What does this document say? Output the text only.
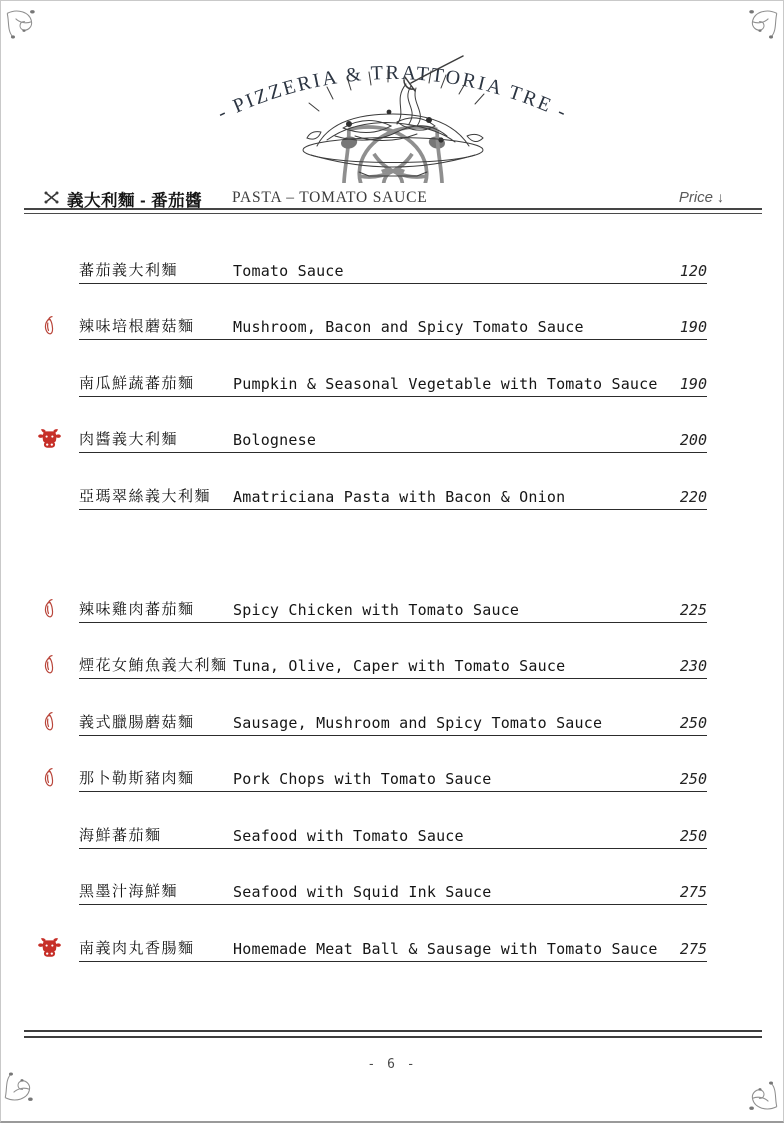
- PIZZERIA & TRATTORIA TRE -
義大利麵 - 番茄醬 PASTA – TOMATO SAUCE	Price ↓
蕃茄義大利麵	Tomato Sauce	120
辣味培根蘑菇麵	Mushroom, Bacon and Spicy Tomato Sauce	190
南瓜鮮蔬蕃茄麵	Pumpkin & Seasonal Vegetable with Tomato Sauce 190
肉醬義大利麵	Bolognese	200
亞瑪翠絲義大利麵 Amatriciana Pasta with Bacon & Onion	220
辣味雞肉蕃茄麵	Spicy Chicken with Tomato Sauce	225
煙花女鮪魚義大利麵 Tuna, Olive, Caper with Tomato Sauce	230
義式臘腸蘑菇麵	Sausage, Mushroom and Spicy Tomato Sauce	250
那卜勒斯豬肉麵	Pork Chops with Tomato Sauce	250
海鮮蕃茄麵	Seafood with Tomato Sauce	250
黑墨汁海鮮麵	Seafood with Squid Ink Sauce	275
南義肉丸香腸麵	Homemade Meat Ball & Sausage with Tomato Sauce 275
- 6 -
